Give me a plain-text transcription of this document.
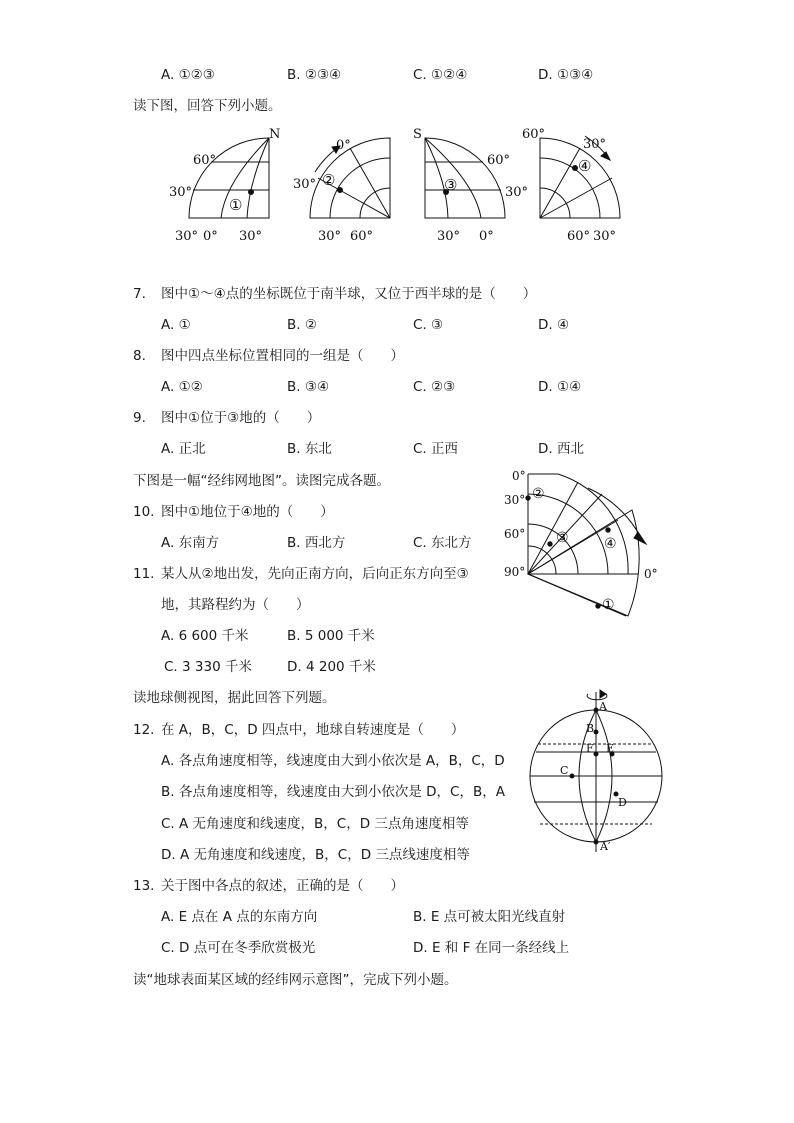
A. ①②③	B. ②③④	C. ①②④	D. ①③④
读下图，回答下列小题。
N
60°
30°
30° 0° 30°
①
0°
30°
30° 60°
②
S
60°
30°
30° 0°
③
60°
30°
60° 30°
④
7. 图中①～④点的坐标既位于南半球，又位于西半球的是（　　）
A. ①	B. ②	C. ③	D. ④
8. 图中四点坐标位置相同的一组是（　　）
A. ①②	B. ③④	C. ②③	D. ①④
9. 图中①位于③地的（　　）
A. 正北	B. 东北	C. 正西	D. 西北
下图是一幅“经纬网地图”。读图完成各题。
10. 图中①地位于④地的（　　）
A. 东南方	B. 西北方	C. 东北方
11. 某人从②地出发，先向正南方向，后向正东方向至③
地，其路程约为（　　）
A. 6 600 千米	B. 5 000 千米
C. 3 330 千米	D. 4 200 千米
0°
30°
60°
90°	0°
②
③	④
①
读地球侧视图，据此回答下列题。
12. 在 A，B，C，D 四点中，地球自转速度是（　　）
A. 各点角速度相等，线速度由大到小依次是 A，B，C，D
B. 各点角速度相等，线速度由大到小依次是 D，C，B，A
C. A 无角速度和线速度，B，C，D 三点角速度相等
D. A 无角速度和线速度，B，C，D 三点线速度相等
A
B
F E
C
D
A′
13. 关于图中各点的叙述，正确的是（　　）
A. E 点在 A 点的东南方向	B. E 点可被太阳光线直射
C. D 点可在冬季欣赏极光	D. E 和 F 在同一条经线上
读“地球表面某区域的经纬网示意图”，完成下列小题。
